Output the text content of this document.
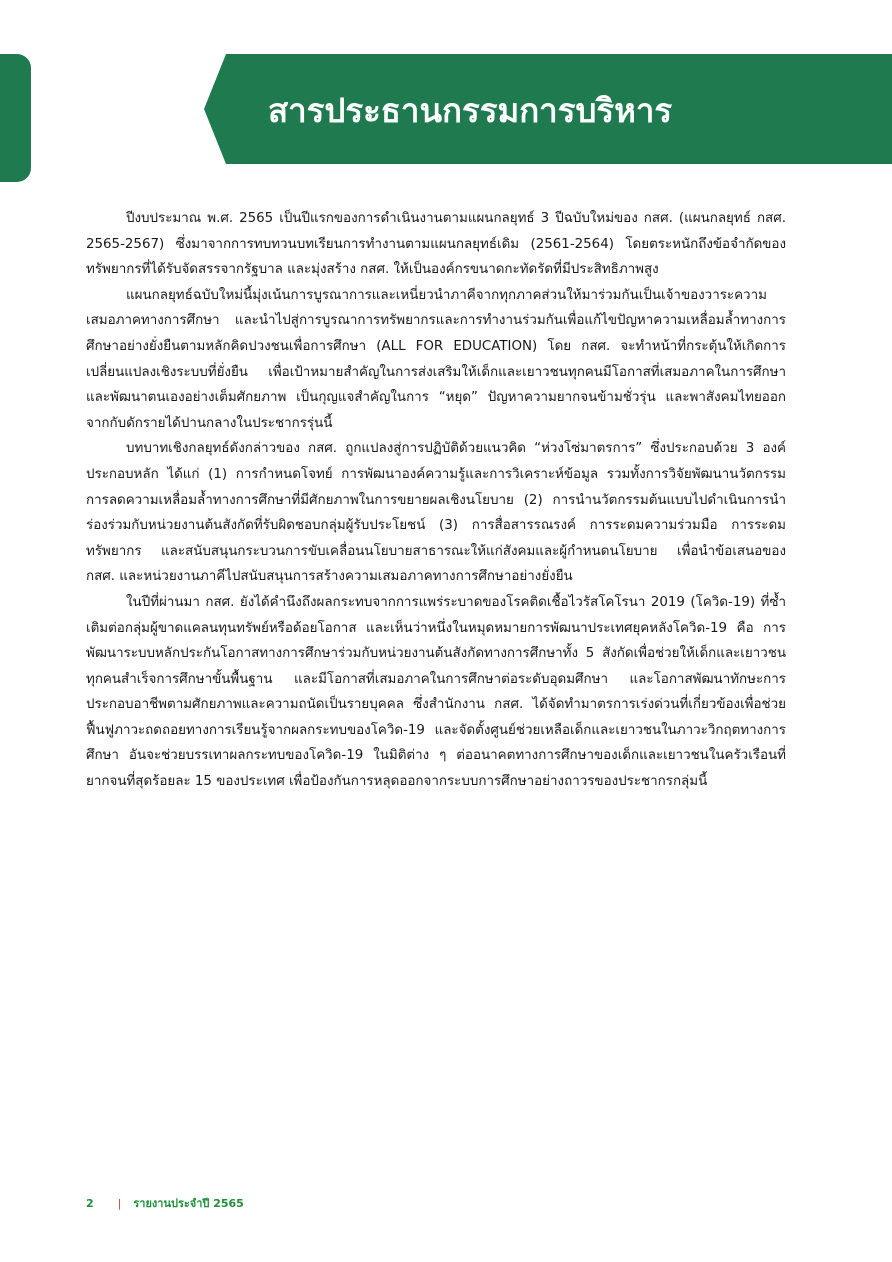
สารประธานกรรมการบริหาร

ปีงบประมาณ พ.ศ. 2565 เป็นปีแรกของการดำเนินงานตามแผนกลยุทธ์ 3 ปีฉบับใหม่ของ กสศ. (แผนกลยุทธ์ กสศ. 2565-2567) ซึ่งมาจากการทบทวนบทเรียนการทำงานตามแผนกลยุทธ์เดิม (2561-2564) โดยตระหนักถึงข้อจำกัดของทรัพยากรที่ได้รับจัดสรรจากรัฐบาล และมุ่งสร้าง กสศ. ให้เป็นองค์กรขนาดกะทัดรัดที่มีประสิทธิภาพสูง

แผนกลยุทธ์ฉบับใหม่นี้มุ่งเน้นการบูรณาการและเหนี่ยวนำภาคีจากทุกภาคส่วนให้มาร่วมกันเป็นเจ้าของวาระความเสมอภาคทางการศึกษา และนำไปสู่การบูรณาการทรัพยากรและการทำงานร่วมกันเพื่อแก้ไขปัญหาความเหลื่อมล้ำทางการศึกษาอย่างยั่งยืนตามหลักคิดปวงชนเพื่อการศึกษา (ALL FOR EDUCATION) โดย กสศ. จะทำหน้าที่กระตุ้นให้เกิดการเปลี่ยนแปลงเชิงระบบที่ยั่งยืน เพื่อเป้าหมายสำคัญในการส่งเสริมให้เด็กและเยาวชนทุกคนมีโอกาสที่เสมอภาคในการศึกษาและพัฒนาตนเองอย่างเต็มศักยภาพ เป็นกุญแจสำคัญในการ “หยุด” ปัญหาความยากจนข้ามชั่วรุ่น และพาสังคมไทยออกจากกับดักรายได้ปานกลางในประชากรรุ่นนี้

บทบาทเชิงกลยุทธ์ดังกล่าวของ กสศ. ถูกแปลงสู่การปฏิบัติด้วยแนวคิด “ห่วงโซ่มาตรการ” ซึ่งประกอบด้วย 3 องค์ประกอบหลัก ได้แก่ (1) การกำหนดโจทย์ การพัฒนาองค์ความรู้และการวิเคราะห์ข้อมูล รวมทั้งการวิจัยพัฒนานวัตกรรมการลดความเหลื่อมล้ำทางการศึกษาที่มีศักยภาพในการขยายผลเชิงนโยบาย (2) การนำนวัตกรรมต้นแบบไปดำเนินการนำร่องร่วมกับหน่วยงานต้นสังกัดที่รับผิดชอบกลุ่มผู้รับประโยชน์ (3) การสื่อสารรณรงค์ การระดมความร่วมมือ การระดมทรัพยากร และสนับสนุนกระบวนการขับเคลื่อนนโยบายสาธารณะให้แก่สังคมและผู้กำหนดนโยบาย เพื่อนำข้อเสนอของ กสศ. และหน่วยงานภาคีไปสนับสนุนการสร้างความเสมอภาคทางการศึกษาอย่างยั่งยืน

ในปีที่ผ่านมา กสศ. ยังได้คำนึงถึงผลกระทบจากการแพร่ระบาดของโรคติดเชื้อไวรัสโคโรนา 2019 (โควิด-19) ที่ซ้ำเติมต่อกลุ่มผู้ขาดแคลนทุนทรัพย์หรือด้อยโอกาส และเห็นว่าหนึ่งในหมุดหมายการพัฒนาประเทศยุคหลังโควิด-19 คือ การพัฒนาระบบหลักประกันโอกาสทางการศึกษาร่วมกับหน่วยงานต้นสังกัดทางการศึกษาทั้ง 5 สังกัดเพื่อช่วยให้เด็กและเยาวชนทุกคนสำเร็จการศึกษาขั้นพื้นฐาน และมีโอกาสที่เสมอภาคในการศึกษาต่อระดับอุดมศึกษา และโอกาสพัฒนาทักษะการประกอบอาชีพตามศักยภาพและความถนัดเป็นรายบุคคล ซึ่งสำนักงาน กสศ. ได้จัดทำมาตรการเร่งด่วนที่เกี่ยวข้องเพื่อช่วยฟื้นฟูภาวะถดถอยทางการเรียนรู้จากผลกระทบของโควิด-19 และจัดตั้งศูนย์ช่วยเหลือเด็กและเยาวชนในภาวะวิกฤตทางการศึกษา อันจะช่วยบรรเทาผลกระทบของโควิด-19 ในมิติต่าง ๆ ต่ออนาคตทางการศึกษาของเด็กและเยาวชนในครัวเรือนที่ยากจนที่สุดร้อยละ 15 ของประเทศ เพื่อป้องกันการหลุดออกจากระบบการศึกษาอย่างถาวรของประชากรกลุ่มนี้

2 | รายงานประจำปี 2565
